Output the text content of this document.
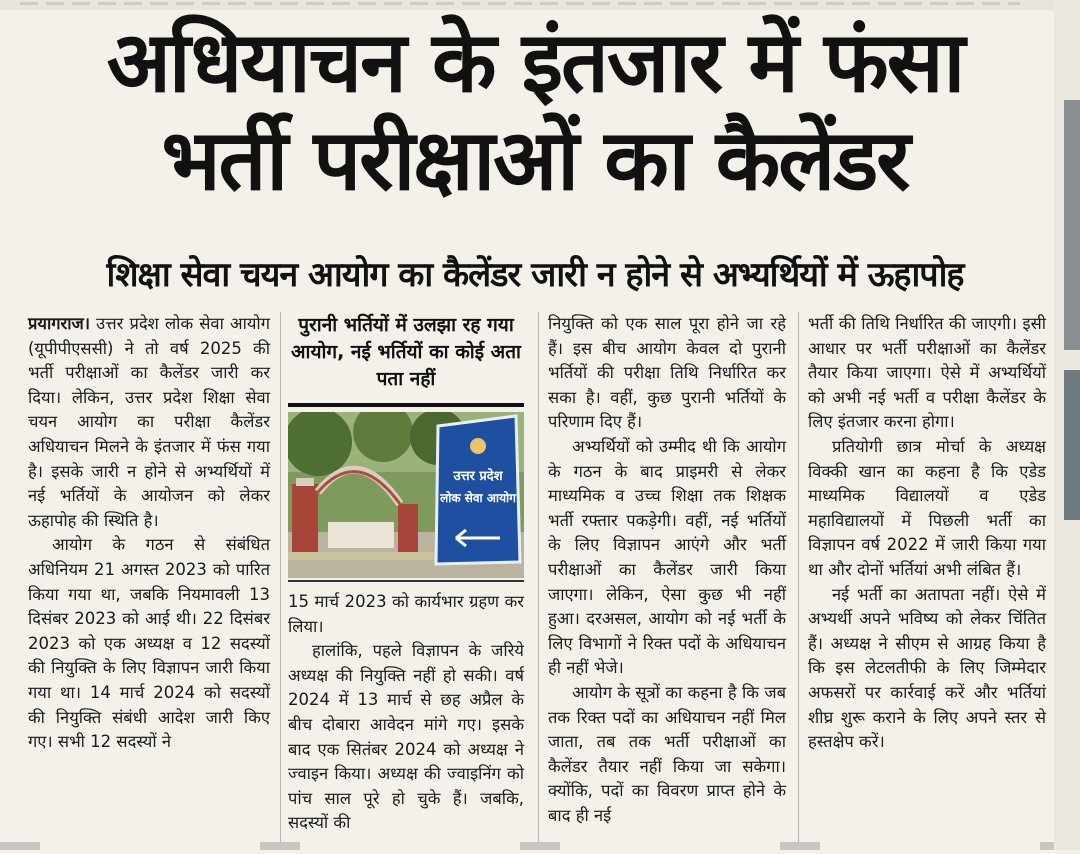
अधियाचन के इंतजार में फंसा
भर्ती परीक्षाओं का कैलेंडर
शिक्षा सेवा चयन आयोग का कैलेंडर जारी न होने से अभ्यर्थियों में ऊहापोह

प्रयागराज। उत्तर प्रदेश लोक सेवा आयोग (यूपीपीएससी) ने तो वर्ष 2025 की भर्ती परीक्षाओं का कैलेंडर जारी कर दिया। लेकिन, उत्तर प्रदेश शिक्षा सेवा चयन आयोग का परीक्षा कैलेंडर अधियाचन मिलने के इंतजार में फंस गया है। इसके जारी न होने से अभ्यर्थियों में नई भर्तियों के आयोजन को लेकर ऊहापोह की स्थिति है।

आयोग के गठन से संबंधित अधिनियम 21 अगस्त 2023 को पारित किया गया था, जबकि नियमावली 13 दिसंबर 2023 को आई थी। 22 दिसंबर 2023 को एक अध्यक्ष व 12 सदस्यों की नियुक्ति के लिए विज्ञापन जारी किया गया था। 14 मार्च 2024 को सदस्यों की नियुक्ति संबंधी आदेश जारी किए गए। सभी 12 सदस्यों ने

पुरानी भर्तियों में उलझा रह गया आयोग, नई भर्तियों का कोई अता पता नहीं
उत्तर प्रदेश
लोक सेवा आयोग

15 मार्च 2023 को कार्यभार ग्रहण कर लिया।

हालांकि, पहले विज्ञापन के जरिये अध्यक्ष की नियुक्ति नहीं हो सकी। वर्ष 2024 में 13 मार्च से छह अप्रैल के बीच दोबारा आवेदन मांगे गए। इसके बाद एक सितंबर 2024 को अध्यक्ष ने ज्वाइन किया। अध्यक्ष की ज्वाइनिंग को पांच साल पूरे हो चुके हैं। जबकि, सदस्यों की

नियुक्ति को एक साल पूरा होने जा रहे हैं। इस बीच आयोग केवल दो पुरानी भर्तियों की परीक्षा तिथि निर्धारित कर सका है। वहीं, कुछ पुरानी भर्तियों के परिणाम दिए हैं।

अभ्यर्थियों को उम्मीद थी कि आयोग के गठन के बाद प्राइमरी से लेकर माध्यमिक व उच्च शिक्षा तक शिक्षक भर्ती रफ्तार पकड़ेगी। वहीं, नई भर्तियों के लिए विज्ञापन आएंगे और भर्ती परीक्षाओं का कैलेंडर जारी किया जाएगा। लेकिन, ऐसा कुछ भी नहीं हुआ। दरअसल, आयोग को नई भर्ती के लिए विभागों ने रिक्त पदों के अधियाचन ही नहीं भेजे।

आयोग के सूत्रों का कहना है कि जब तक रिक्त पदों का अधियाचन नहीं मिल जाता, तब तक भर्ती परीक्षाओं का कैलेंडर तैयार नहीं किया जा सकेगा। क्योंकि, पदों का विवरण प्राप्त होने के बाद ही नई

भर्ती की तिथि निर्धारित की जाएगी। इसी आधार पर भर्ती परीक्षाओं का कैलेंडर तैयार किया जाएगा। ऐसे में अभ्यर्थियों को अभी नई भर्ती व परीक्षा कैलेंडर के लिए इंतजार करना होगा।

प्रतियोगी छात्र मोर्चा के अध्यक्ष विक्की खान का कहना है कि एडेड माध्यमिक विद्यालयों व एडेड महाविद्यालयों में पिछली भर्ती का विज्ञापन वर्ष 2022 में जारी किया गया था और दोनों भर्तियां अभी लंबित हैं।

नई भर्ती का अतापता नहीं। ऐसे में अभ्यर्थी अपने भविष्य को लेकर चिंतित हैं। अध्यक्ष ने सीएम से आग्रह किया है कि इस लेटलतीफी के लिए जिम्मेदार अफसरों पर कार्रवाई करें और भर्तियां शीघ्र शुरू कराने के लिए अपने स्तर से हस्तक्षेप करें।
